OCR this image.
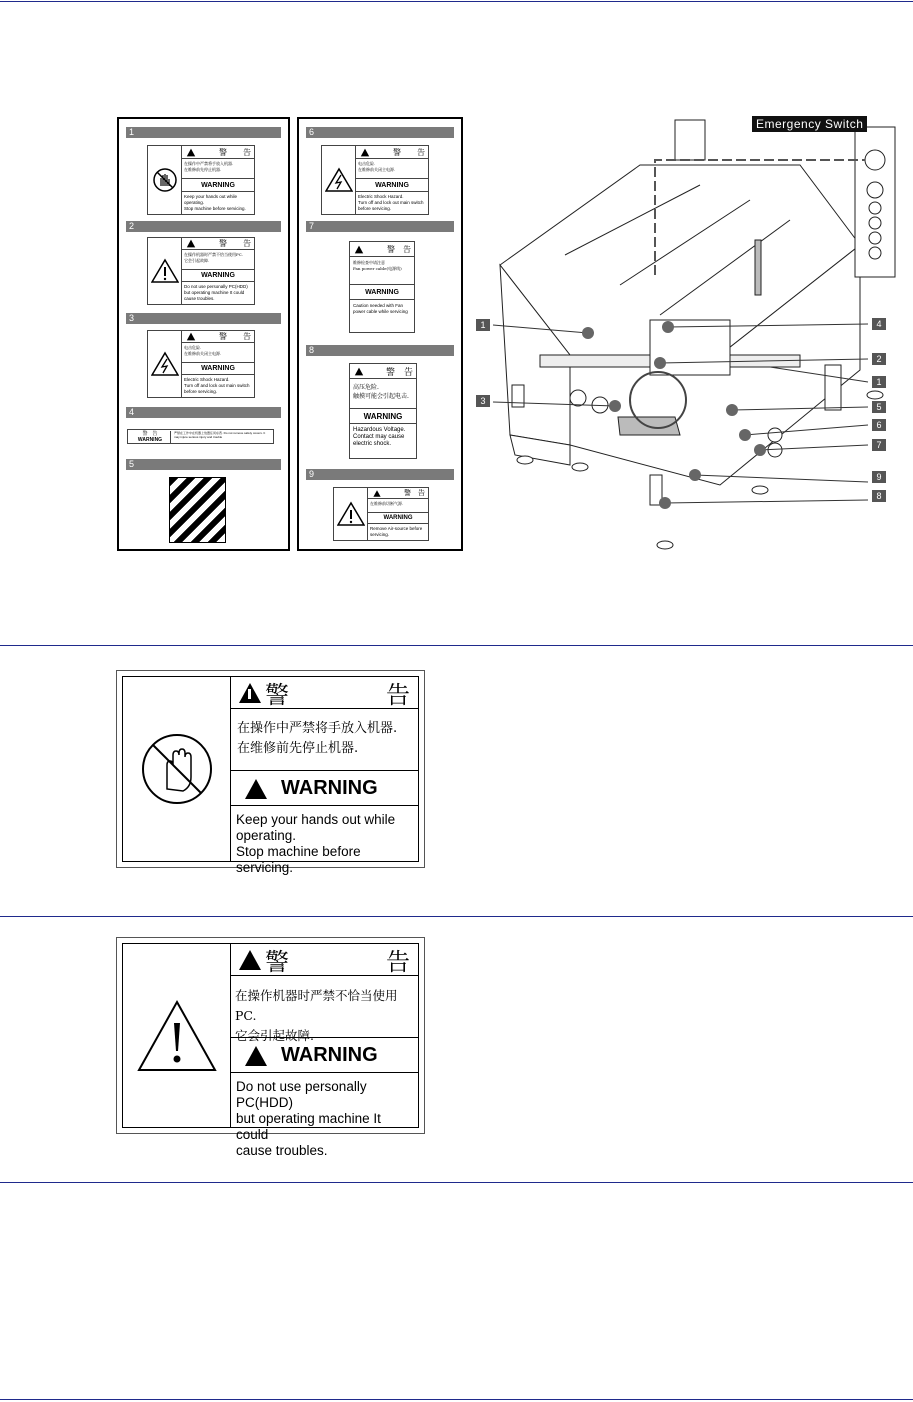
1
警　　告
在操作中严禁将手放入机器.
在维修前先停止机器.
WARNING
Keep your hands out while operating.
Stop machine before servicing.
2
警　　告
在操作机器时严禁不恰当使用PC.
它会引起故障.
WARNING
Do not use personally PC(HDD) but operating machine It could cause troubles.
3
警　　告
电击危险.
在维修前关闭主电源.
WARNING
Electric Shock Hazard.
Turn off and lock out main switch before servicing.
4
警　告
WARNING
严禁在工作中在机器上放置任何东西. Do not remove safety covers. It may injure serious injury and trouble
5
6
警　　告
电击危险.
在维修前关闭主电源.
WARNING
Electric Shock Hazard.
Turn off and lock out main switch before servicing.
7
警　告
维修检查中请注意
Fan power cable(电源线)
WARNING
Caution needed with Fan power cable while servicing
8
警　告
高压危险.
触摸可能会引起电击.
WARNING
Hazardous Voltage.
Contact may cause electric shock.
9
警　告
在维修前切断气源.
WARNING
Remove Air-source before servicing.
Emergency Switch
1
3
4
2
1
5
6
7
9
8
警	告
在操作中严禁将手放入机器.
在维修前先停止机器.
WARNING
Keep your hands out while
operating.
Stop machine before servicing.
警	告
在操作机器时严禁不恰当使用PC.
它会引起故障.
WARNING
Do not use personally PC(HDD)
but operating machine It could
cause troubles.
